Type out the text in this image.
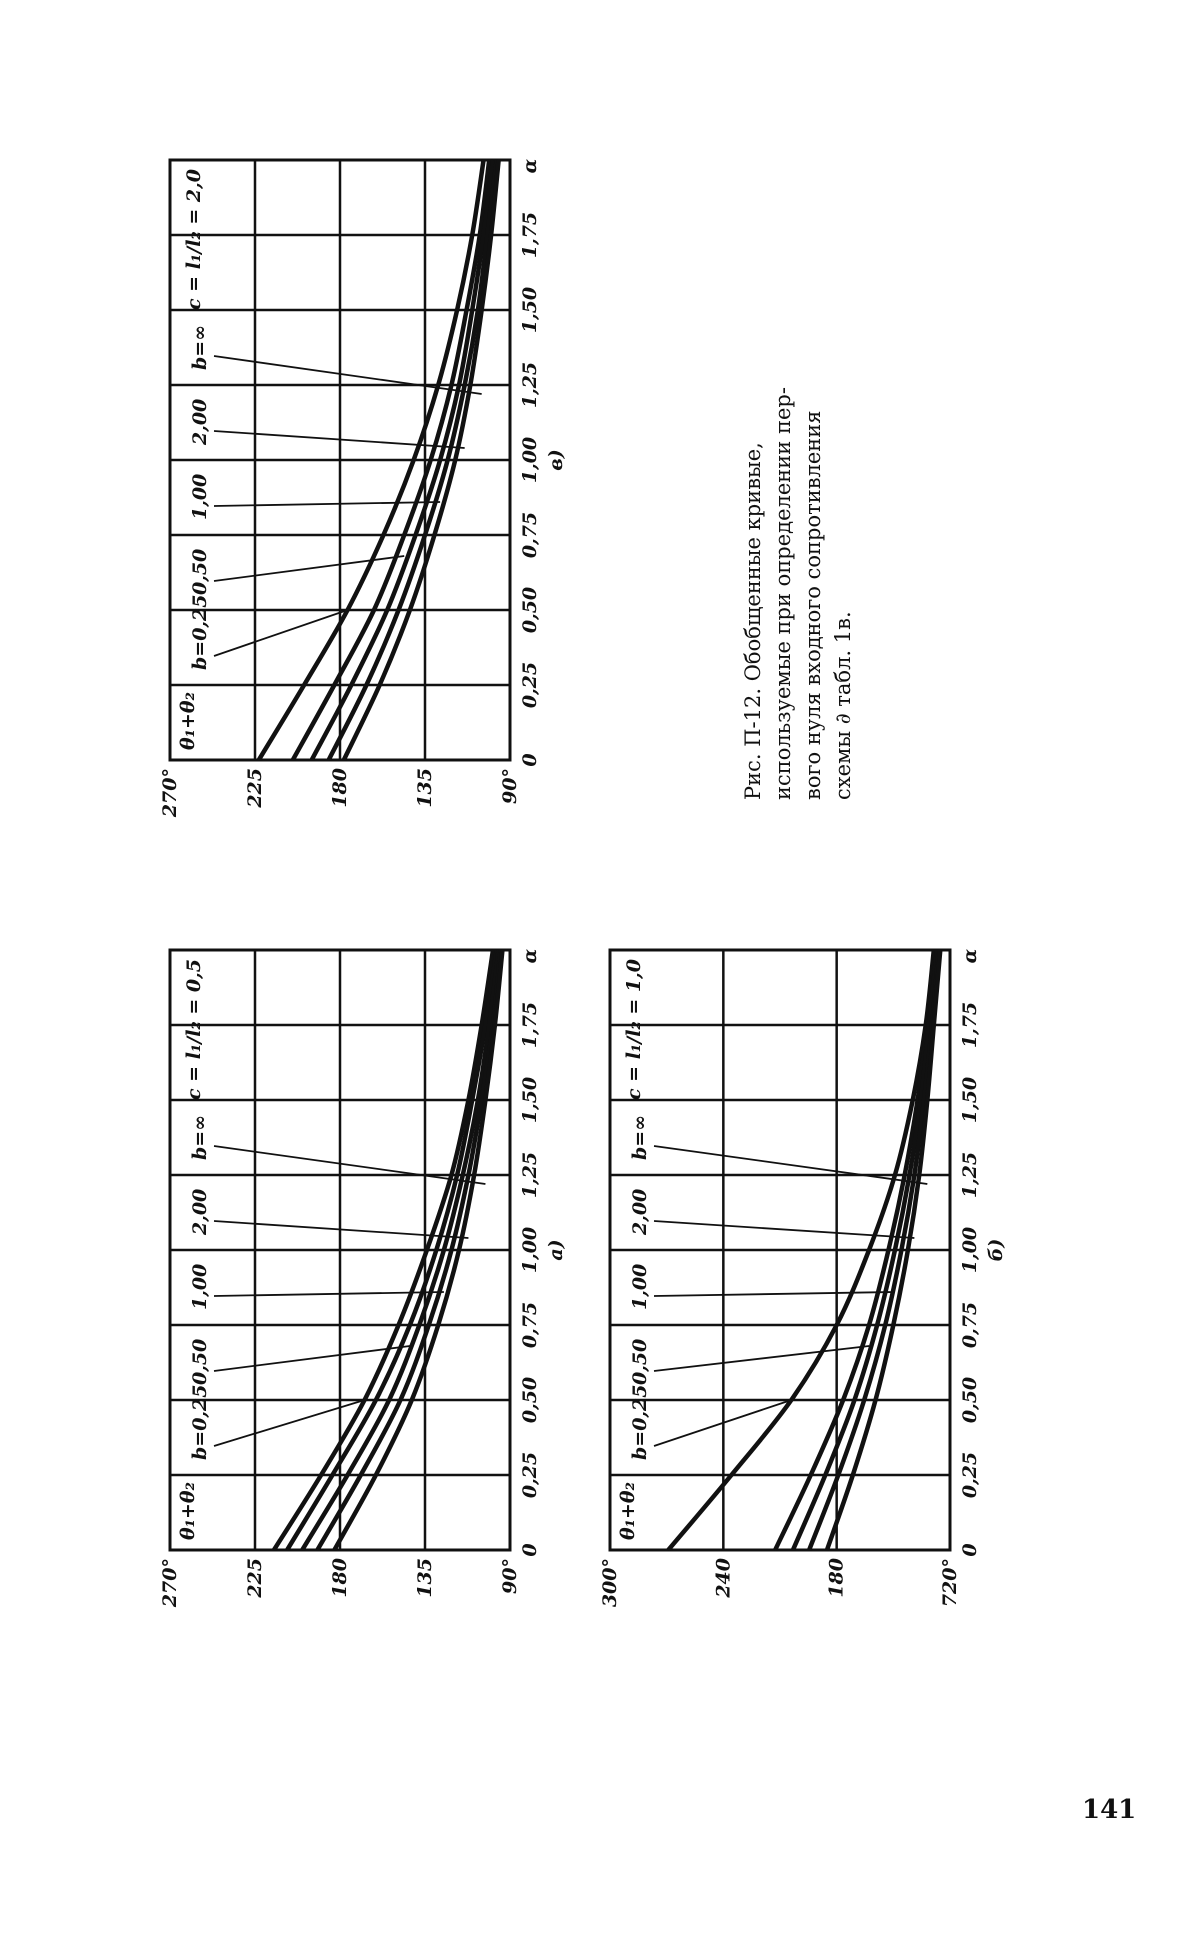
0
0,25
0,50
0,75
1,00
1,25
1,50
1,75
α
90°
135
180
225
270°
а)
θ₁+θ₂
c = l₁/l₂ = 0,5
b=0,25
0,50
1,00
2,00
b=∞
0
0,25
0,50
0,75
1,00
1,25
1,50
1,75
α
720°
180
240
300°
б)
θ₁+θ₂
c = l₁/l₂ = 1,0
b=0,25
0,50
1,00
2,00
b=∞
0
0,25
0,50
0,75
1,00
1,25
1,50
1,75
α
90°
135
180
225
270°
в)
θ₁+θ₂
c = l₁/l₂ = 2,0
b=0,25
0,50
1,00
2,00
b=∞
Рис. П-12. Обобщенные кривые, используемые при определении пер- вого нуля входного сопротивления схемы ∂ табл. 1в.
141
